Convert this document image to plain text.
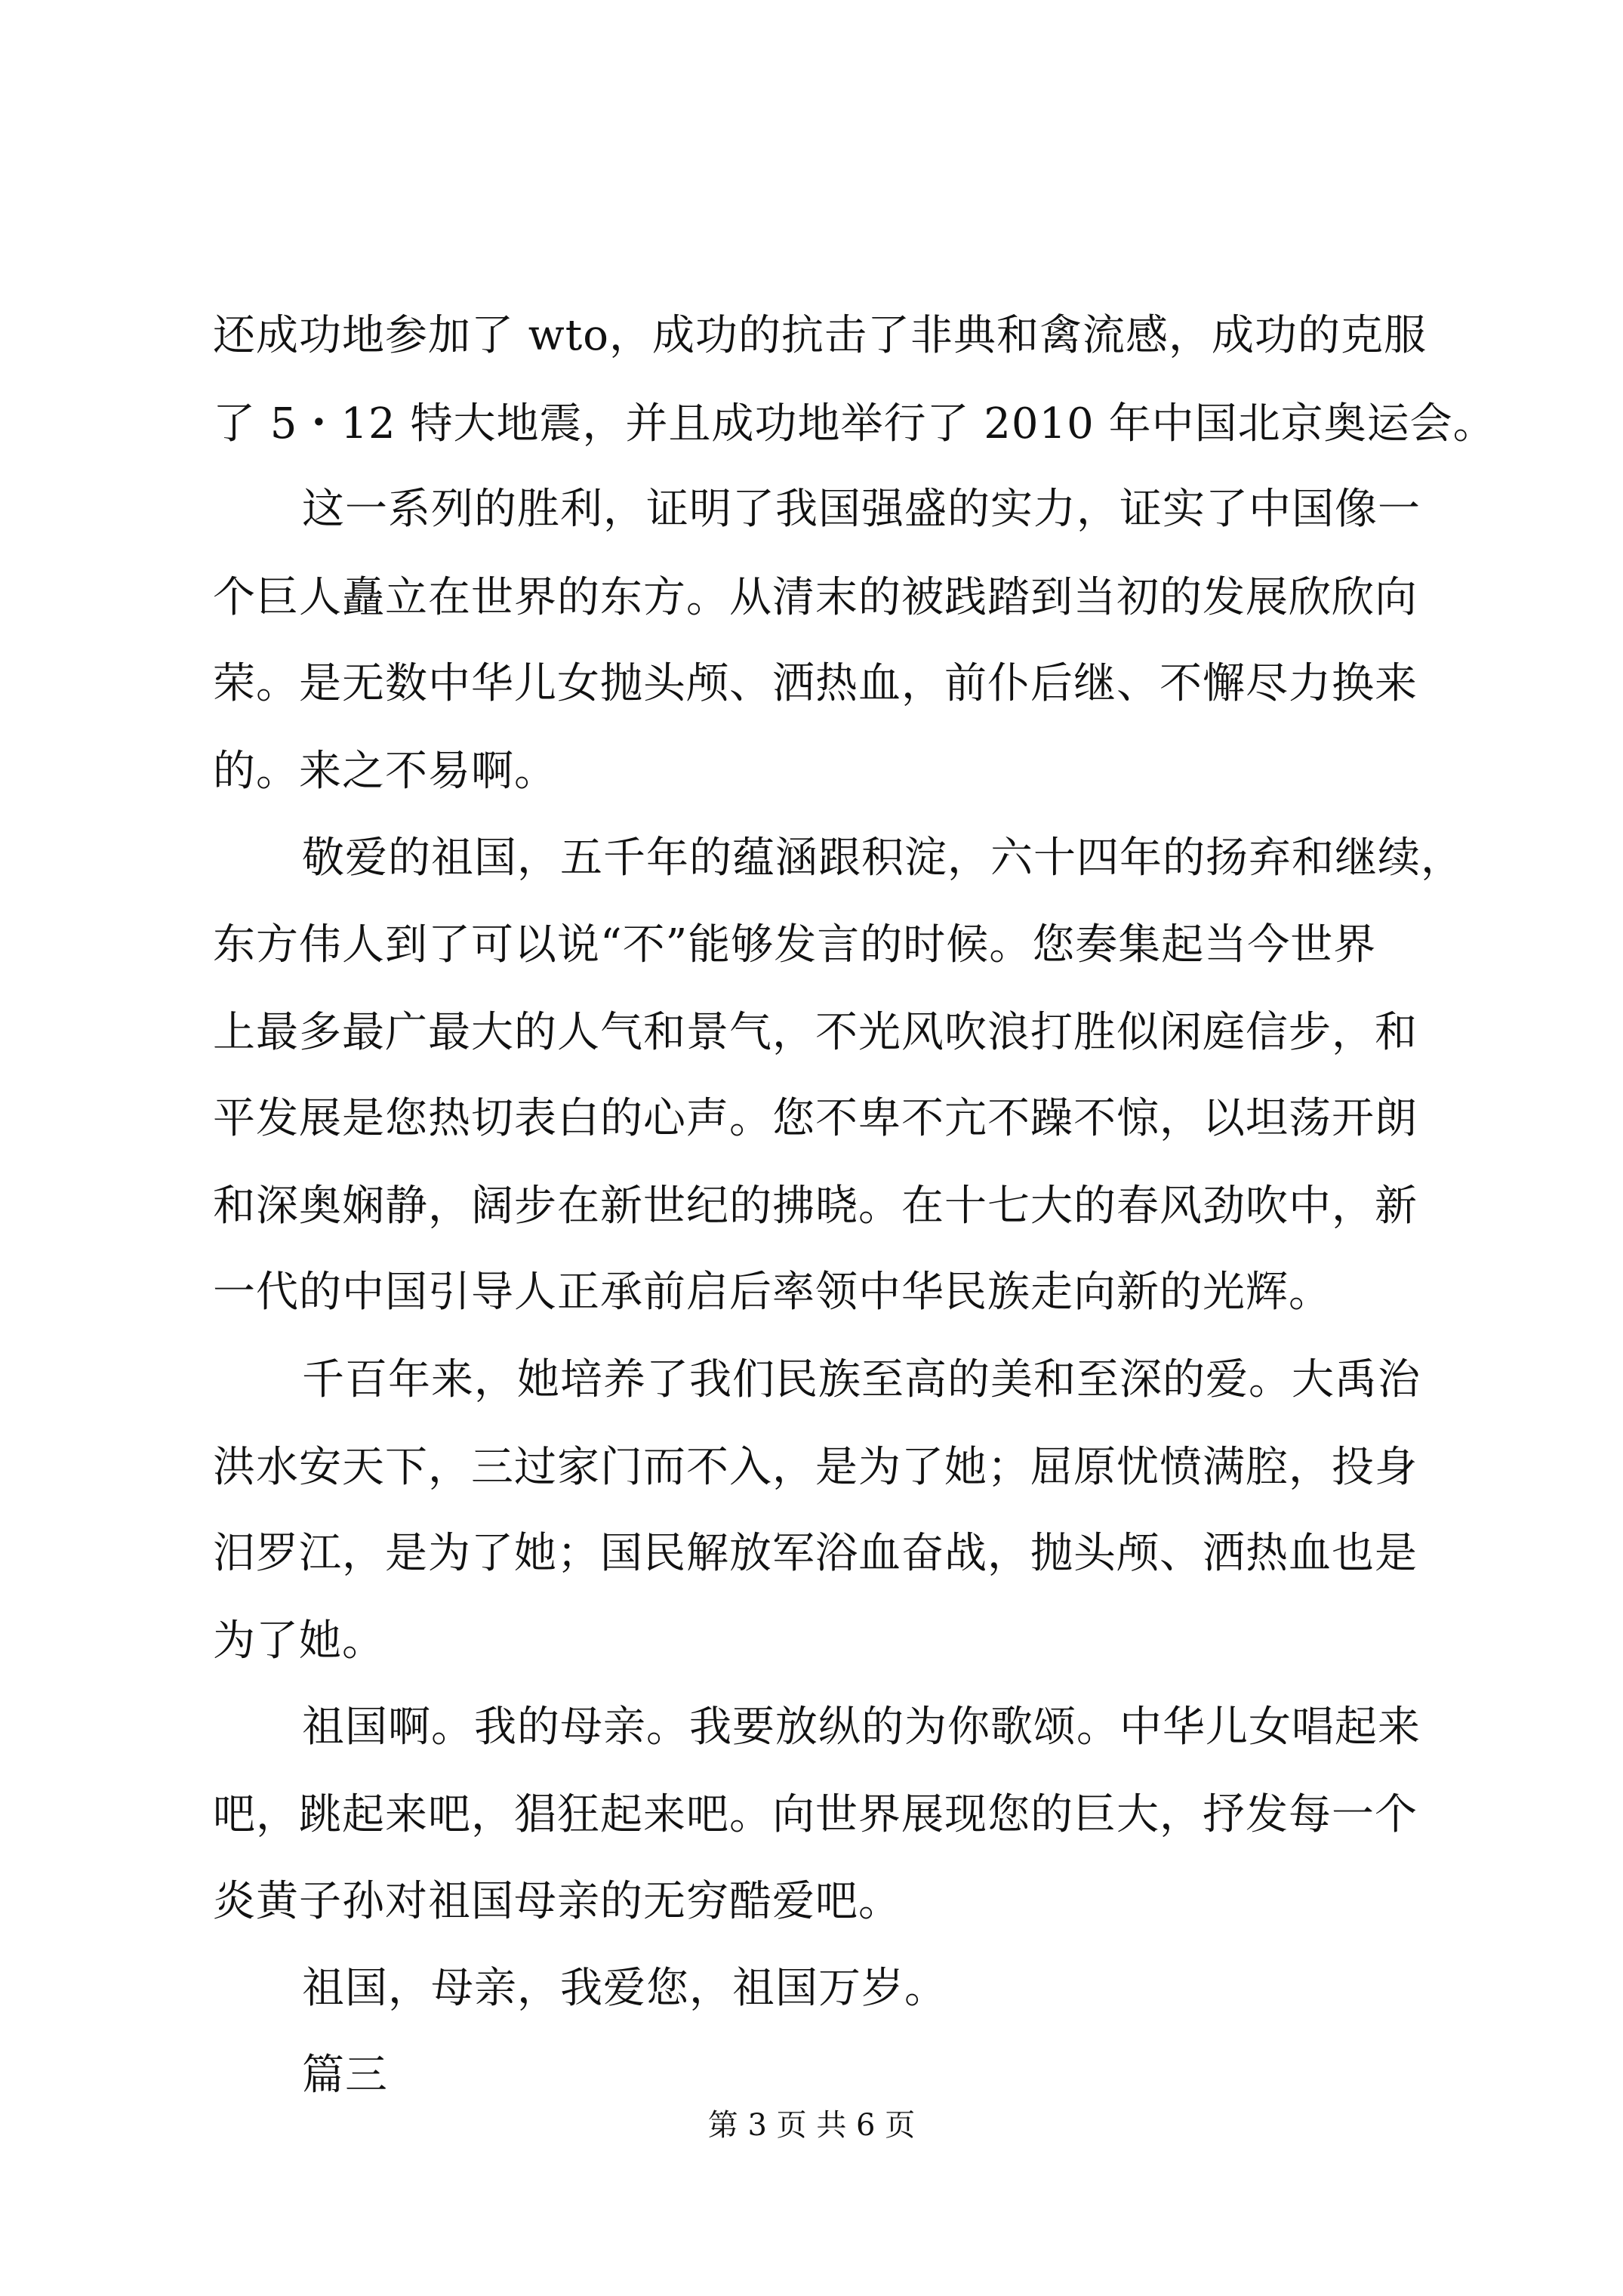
还成功地参加了 wto，成功的抗击了非典和禽流感，成功的克服
了 5・12 特大地震，并且成功地举行了 2010 年中国北京奥运会。
这一系列的胜利，证明了我国强盛的实力，证实了中国像一
个巨人矗立在世界的东方。从清末的被践踏到当初的发展欣欣向
荣。是无数中华儿女抛头颅、洒热血，前仆后继、不懈尽力换来
的。来之不易啊。
敬爱的祖国，五千年的蕴涵跟积淀，六十四年的扬弃和继续，
东方伟人到了可以说“不”能够发言的时候。您奏集起当今世界
上最多最广最大的人气和景气，不光风吹浪打胜似闲庭信步，和
平发展是您热切表白的心声。您不卑不亢不躁不惊，以坦荡开朗
和深奥娴静，阔步在新世纪的拂晓。在十七大的春风劲吹中，新
一代的中国引导人正承前启后率领中华民族走向新的光辉。
千百年来，她培养了我们民族至高的美和至深的爱。大禹治
洪水安天下，三过家门而不入，是为了她；屈原忧愤满腔，投身
汨罗江，是为了她；国民解放军浴血奋战，抛头颅、洒热血也是
为了她。
祖国啊。我的母亲。我要放纵的为你歌颂。中华儿女唱起来
吧，跳起来吧，猖狂起来吧。向世界展现您的巨大，抒发每一个
炎黄子孙对祖国母亲的无穷酷爱吧。
祖国，母亲，我爱您，祖国万岁。
篇三
第 3 页 共 6 页
